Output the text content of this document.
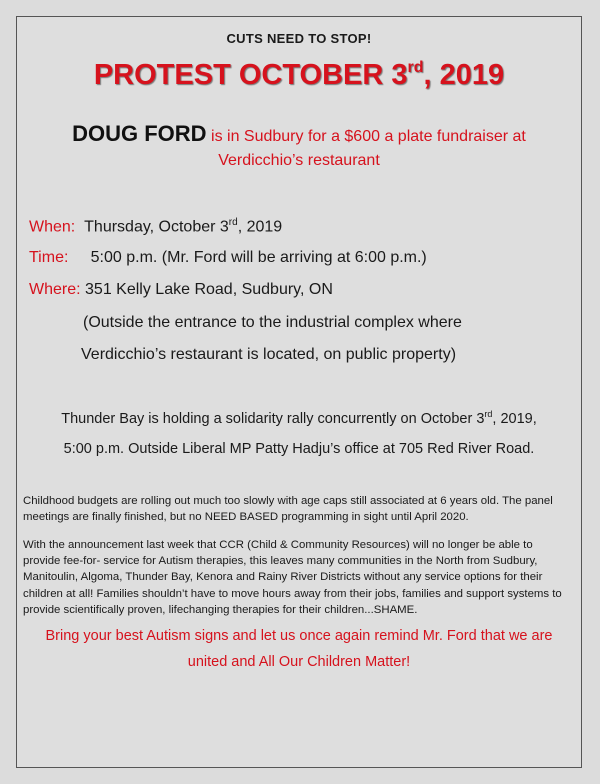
CUTS NEED TO STOP!
PROTEST OCTOBER 3rd, 2019
DOUG FORD is in Sudbury for a $600 a plate fundraiser at
Verdicchio’s restaurant
When: Thursday, October 3rd, 2019
Time: 5:00 p.m. (Mr. Ford will be arriving at 6:00 p.m.)
Where: 351 Kelly Lake Road, Sudbury, ON
(Outside the entrance to the industrial complex where
Verdicchio’s restaurant is located, on public property)
Thunder Bay is holding a solidarity rally concurrently on October 3rd, 2019,
5:00 p.m. Outside Liberal MP Patty Hadju’s office at 705 Red River Road.
Childhood budgets are rolling out much too slowly with age caps still associated at 6 years old. The panel meetings are finally finished, but no NEED BASED programming in sight until April 2020.
With the announcement last week that CCR (Child & Community Resources) will no longer be able to provide fee-for- service for Autism therapies, this leaves many communities in the North from Sudbury, Manitoulin, Algoma, Thunder Bay, Kenora and Rainy River Districts without any service options for their children at all! Families shouldn’t have to move hours away from their jobs, families and support systems to provide scientifically proven, lifechanging therapies for their children...SHAME.
Bring your best Autism signs and let us once again remind Mr. Ford that we are
united and All Our Children Matter!
